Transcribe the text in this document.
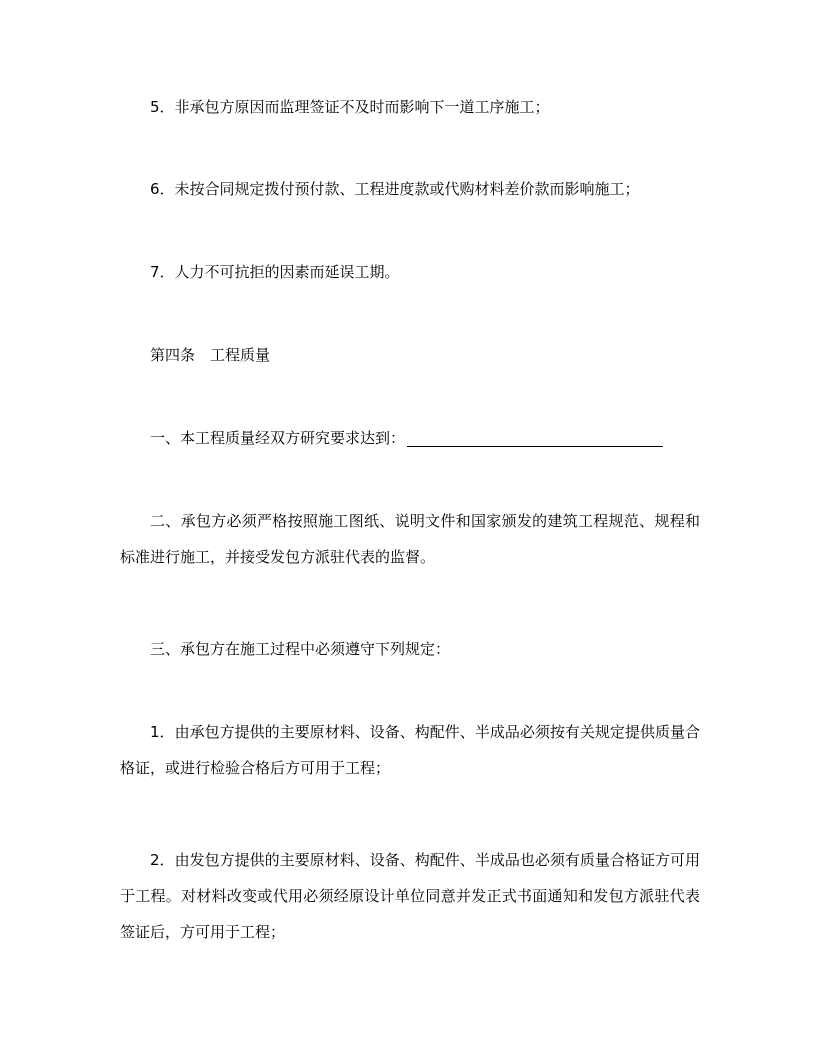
5．非承包方原因而监理签证不及时而影响下一道工序施工；

6．未按合同规定拨付预付款、工程进度款或代购材料差价款而影响施工；

7．人力不可抗拒的因素而延误工期。

第四条　工程质量

一、本工程质量经双方研究要求达到：

二、承包方必须严格按照施工图纸、说明文件和国家颁发的建筑工程规范、规程和标准进行施工，并接受发包方派驻代表的监督。

三、承包方在施工过程中必须遵守下列规定：

1．由承包方提供的主要原材料、设备、构配件、半成品必须按有关规定提供质量合格证，或进行检验合格后方可用于工程；

2．由发包方提供的主要原材料、设备、构配件、半成品也必须有质量合格证方可用于工程。对材料改变或代用必须经原设计单位同意并发正式书面通知和发包方派驻代表签证后，方可用于工程；
